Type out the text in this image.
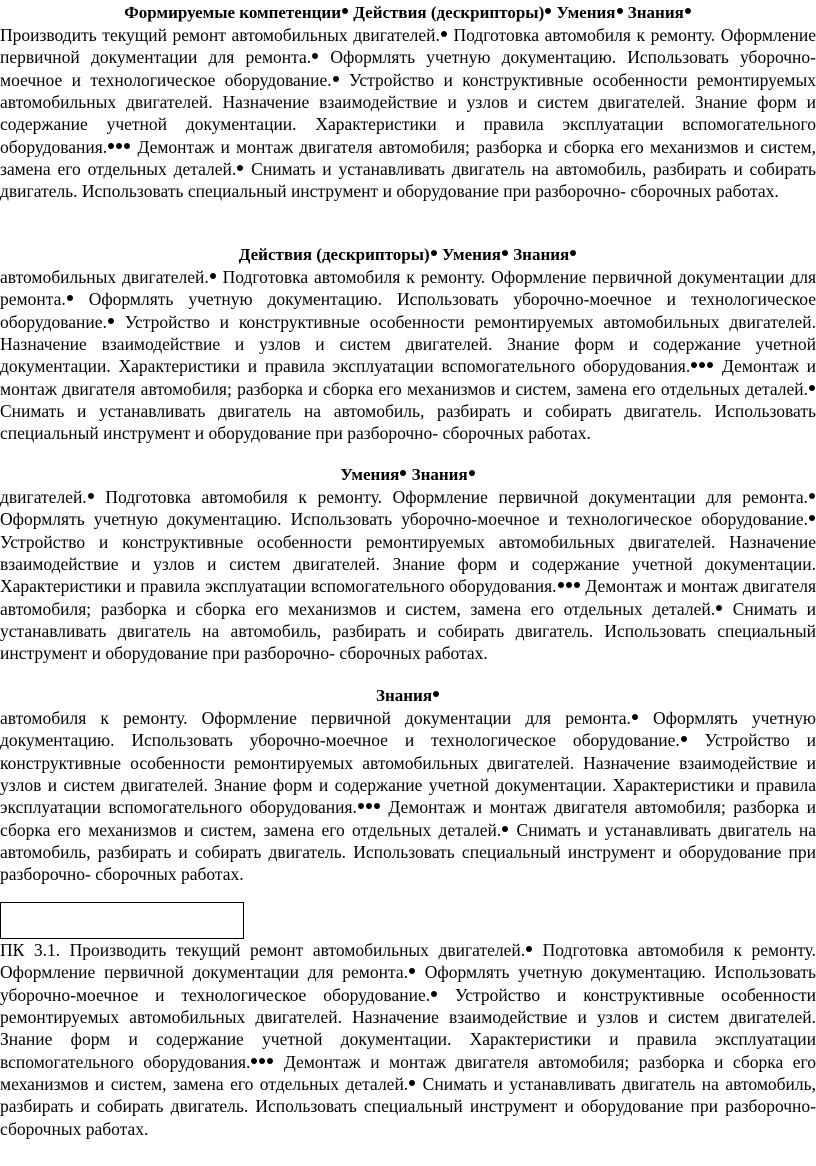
Формируемые компетенции Действия (дескрипторы) Умения Знания

Производить текущий ремонт автомобильных двигателей. Подготовка автомобиля к ремонту. Оформление первичной документации для ремонта. Оформлять учетную документацию. Использовать уборочно-моечное и технологическое оборудование. Устройство и конструктивные особенности ремонтируемых автомобильных двигателей. Назначение взаимодействие и узлов и систем двигателей. Знание форм и содержание учетной документации. Характеристики и правила эксплуатации вспомогательного оборудования. Демонтаж и монтаж двигателя автомобиля; разборка и сборка его механизмов и систем, замена его отдельных деталей. Снимать и устанавливать двигатель на автомобиль, разбирать и собирать двигатель. Использовать специальный инструмент и оборудование при разборочно- сборочных работах.

Действия (дескрипторы) Умения Знания

автомобильных двигателей. Подготовка автомобиля к ремонту. Оформление первичной документации для ремонта. Оформлять учетную документацию. Использовать уборочно-моечное и технологическое оборудование. Устройство и конструктивные особенности ремонтируемых автомобильных двигателей. Назначение взаимодействие и узлов и систем двигателей. Знание форм и содержание учетной документации. Характеристики и правила эксплуатации вспомогательного оборудования. Демонтаж и монтаж двигателя автомобиля; разборка и сборка его механизмов и систем, замена его отдельных деталей. Снимать и устанавливать двигатель на автомобиль, разбирать и собирать двигатель. Использовать специальный инструмент и оборудование при разборочно- сборочных работах.

Умения Знания

двигателей. Подготовка автомобиля к ремонту. Оформление первичной документации для ремонта. Оформлять учетную документацию. Использовать уборочно-моечное и технологическое оборудование. Устройство и конструктивные особенности ремонтируемых автомобильных двигателей. Назначение взаимодействие и узлов и систем двигателей. Знание форм и содержание учетной документации. Характеристики и правила эксплуатации вспомогательного оборудования. Демонтаж и монтаж двигателя автомобиля; разборка и сборка его механизмов и систем, замена его отдельных деталей. Снимать и устанавливать двигатель на автомобиль, разбирать и собирать двигатель. Использовать специальный инструмент и оборудование при разборочно- сборочных работах.

Знания

автомобиля к ремонту. Оформление первичной документации для ремонта. Оформлять учетную документацию. Использовать уборочно-моечное и технологическое оборудование. Устройство и конструктивные особенности ремонтируемых автомобильных двигателей. Назначение взаимодействие и узлов и систем двигателей. Знание форм и содержание учетной документации. Характеристики и правила эксплуатации вспомогательного оборудования. Демонтаж и монтаж двигателя автомобиля; разборка и сборка его механизмов и систем, замена его отдельных деталей. Снимать и устанавливать двигатель на автомобиль, разбирать и собирать двигатель. Использовать специальный инструмент и оборудование при разборочно- сборочных работах.

ПК 3.1. Производить текущий ремонт автомобильных двигателей. Подготовка автомобиля к ремонту. Оформление первичной документации для ремонта. Оформлять учетную документацию. Использовать уборочно-моечное и технологическое оборудование. Устройство и конструктивные особенности ремонтируемых автомобильных двигателей. Назначение взаимодействие и узлов и систем двигателей. Знание форм и содержание учетной документации. Характеристики и правила эксплуатации вспомогательного оборудования. Демонтаж и монтаж двигателя автомобиля; разборка и сборка его механизмов и систем, замена его отдельных деталей. Снимать и устанавливать двигатель на автомобиль, разбирать и собирать двигатель. Использовать специальный инструмент и оборудование при разборочно- сборочных работах.
